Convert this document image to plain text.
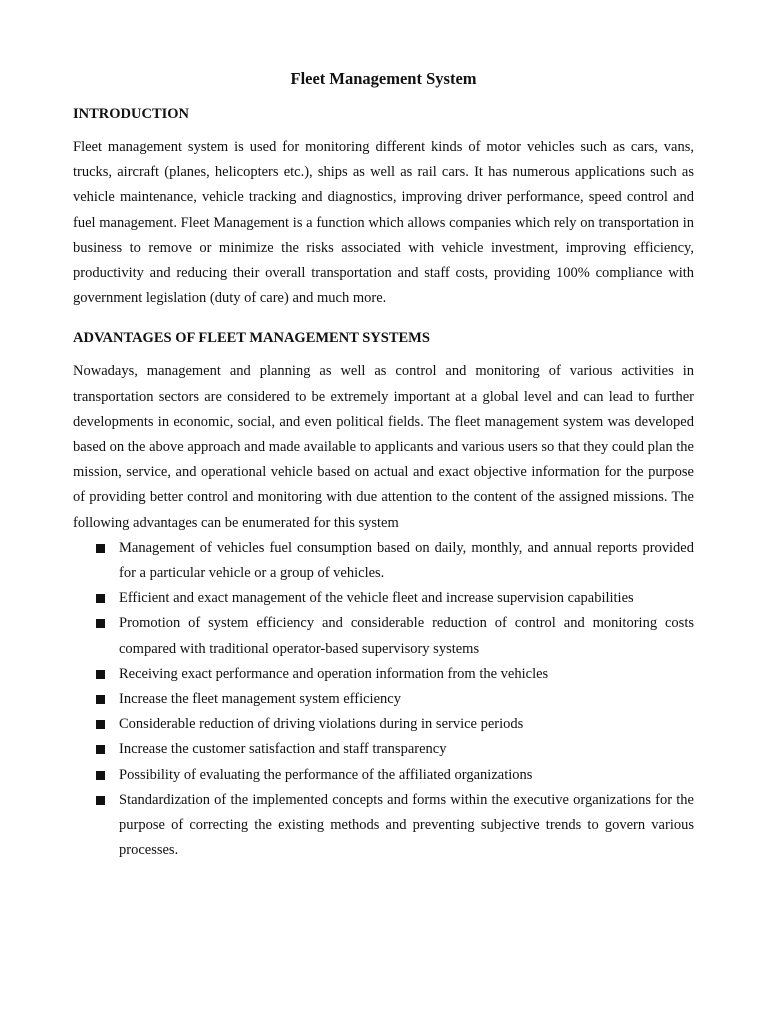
Fleet Management System
INTRODUCTION

Fleet management system is used for monitoring different kinds of motor vehicles such as cars, vans, trucks, aircraft (planes, helicopters etc.), ships as well as rail cars. It has numerous applications such as vehicle maintenance, vehicle tracking and diagnostics, improving driver performance, speed control and fuel management. Fleet Management is a function which allows companies which rely on transportation in business to remove or minimize the risks associated with vehicle investment, improving efficiency, productivity and reducing their overall transportation and staff costs, providing 100% compliance with government legislation (duty of care) and much more.

ADVANTAGES OF FLEET MANAGEMENT SYSTEMS

Nowadays, management and planning as well as control and monitoring of various activities in transportation sectors are considered to be extremely important at a global level and can lead to further developments in economic, social, and even political fields. The fleet management system was developed based on the above approach and made available to applicants and various users so that they could plan the mission, service, and operational vehicle based on actual and exact objective information for the purpose of providing better control and monitoring with due attention to the content of the assigned missions. The following advantages can be enumerated for this system

Management of vehicles fuel consumption based on daily, monthly, and annual reports provided for a particular vehicle or a group of vehicles.
Efficient and exact management of the vehicle fleet and increase supervision capabilities
Promotion of system efficiency and considerable reduction of control and monitoring costs compared with traditional operator-based supervisory systems
Receiving exact performance and operation information from the vehicles
Increase the fleet management system efficiency
Considerable reduction of driving violations during in service periods
Increase the customer satisfaction and staff transparency
Possibility of evaluating the performance of the affiliated organizations
Standardization of the implemented concepts and forms within the executive organizations for the purpose of correcting the existing methods and preventing subjective trends to govern various processes.
